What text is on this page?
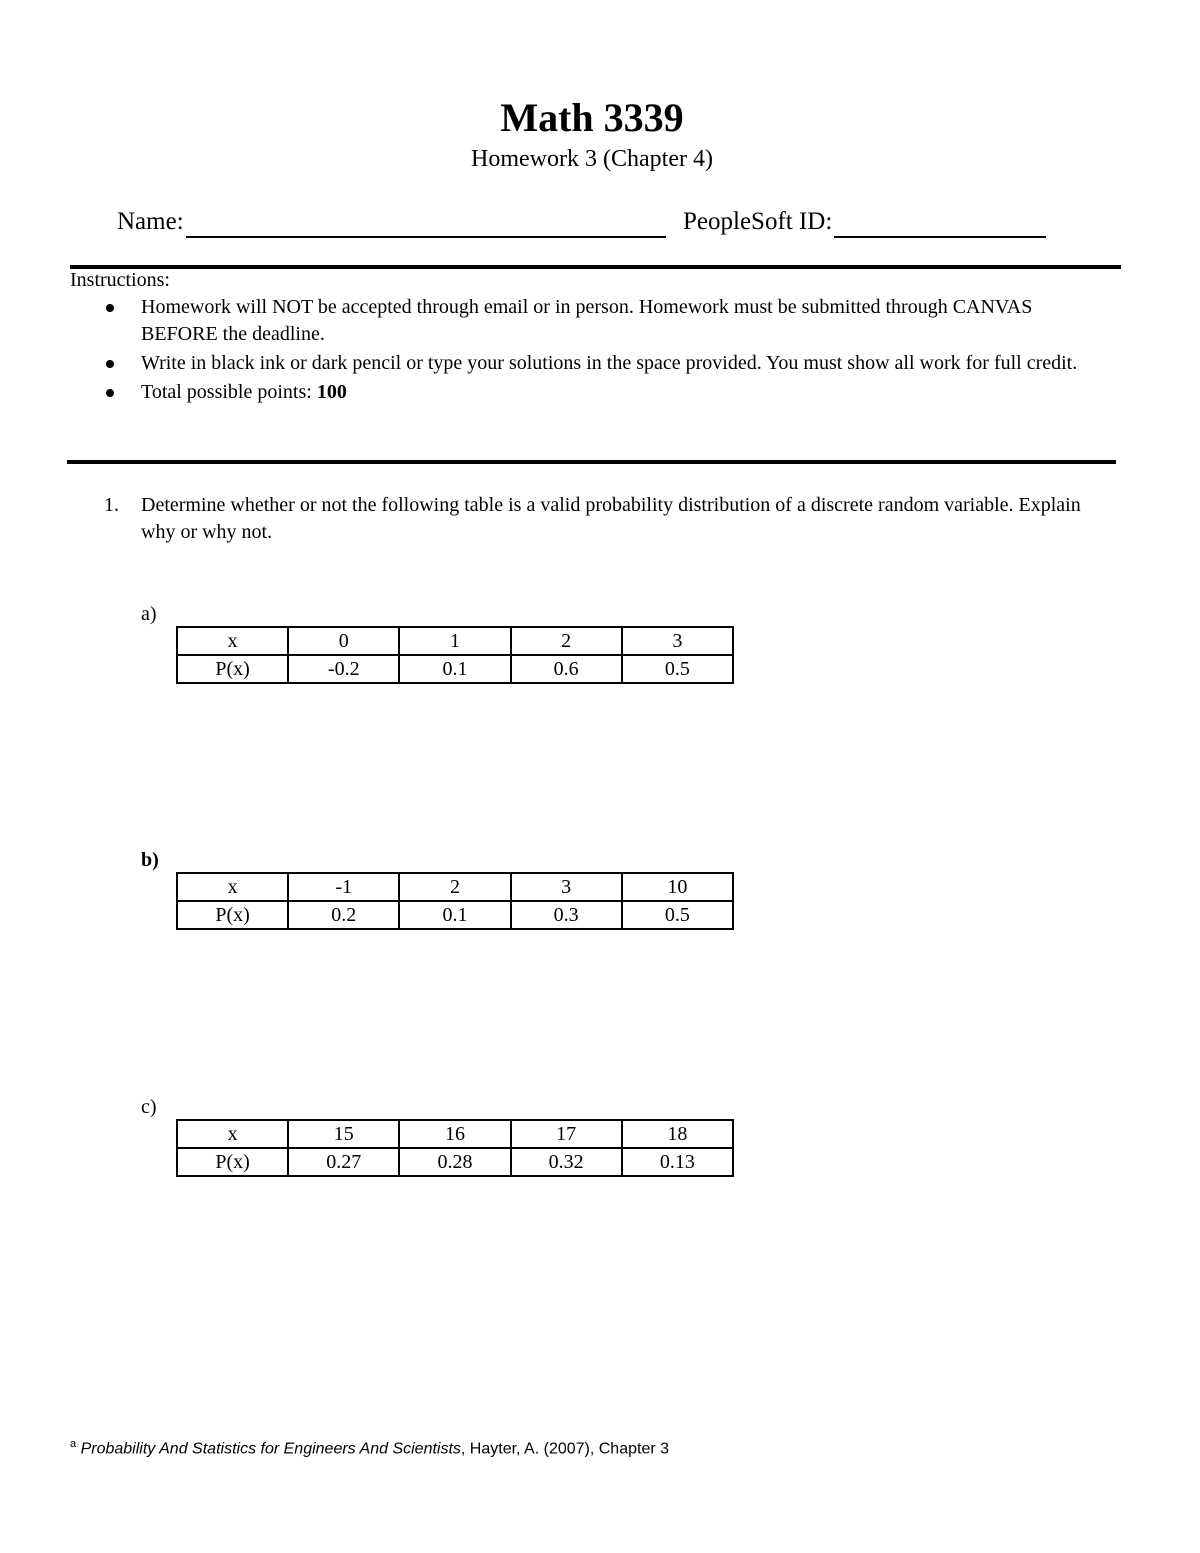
Math 3339
Homework 3 (Chapter 4)
Name:	PeopleSoft ID:
Instructions:
Homework will NOT be accepted through email or in person. Homework must be submitted through CANVAS BEFORE the deadline.
Write in black ink or dark pencil or type your solutions in the space provided. You must show all work for full credit.
Total possible points: 100
1.	Determine whether or not the following table is a valid probability distribution of a discrete random variable. Explain why or why not.
a)
x	0	1	2	3
P(x)	-0.2	0.1	0.6	0.5
b)
x	-1	2	3	10
P(x)	0.2	0.1	0.3	0.5
c)
x	15	16	17	18
P(x)	0.27	0.28	0.32	0.13
$^a$ Probability And Statistics for Engineers And Scientists, Hayter, A. (2007), Chapter 3
